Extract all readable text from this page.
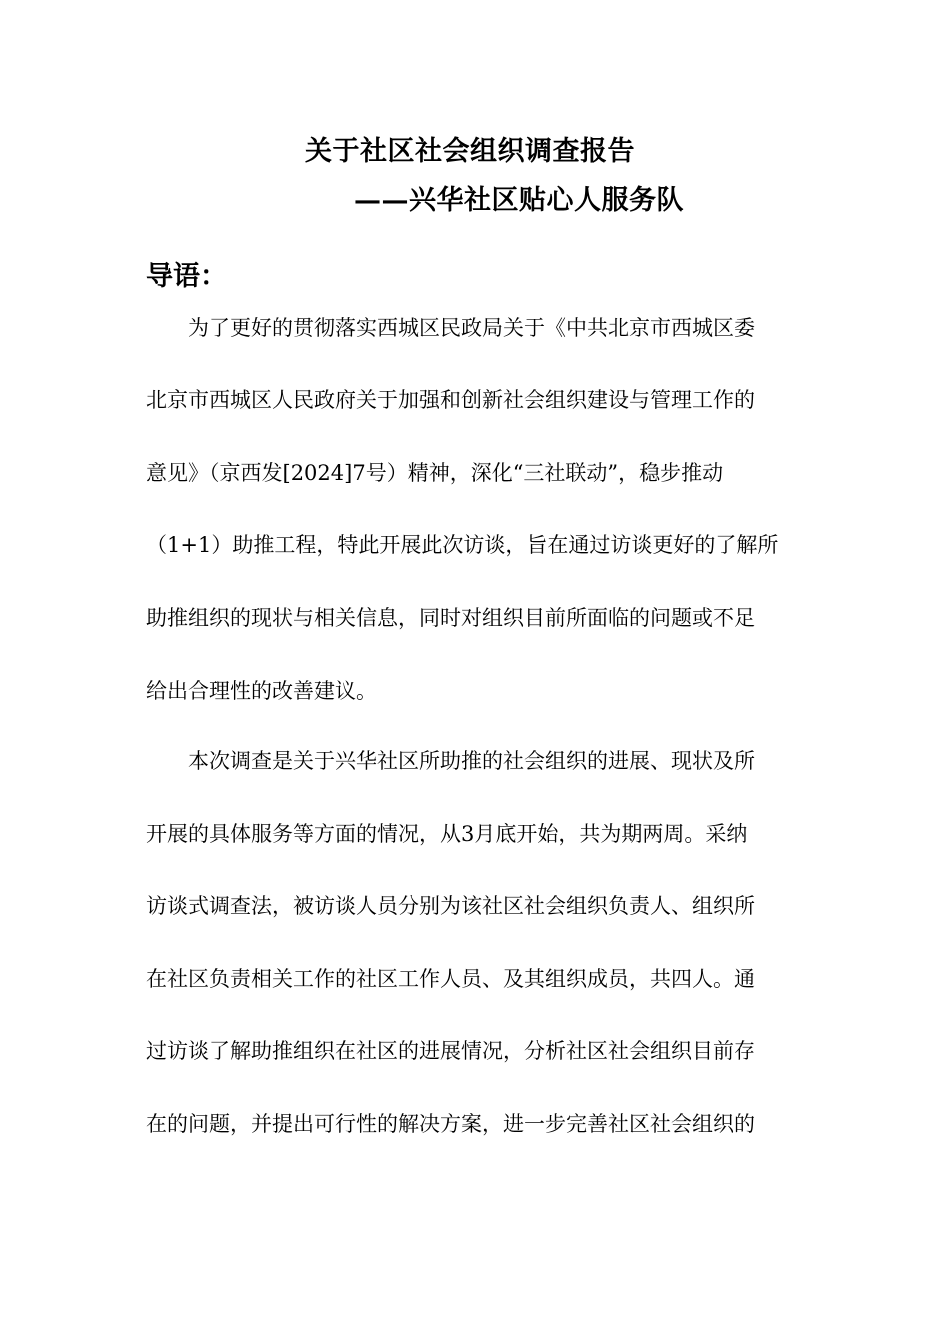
关于社区社会组织调查报告
——兴华社区贴心人服务队
导语：
为了更好的贯彻落实西城区民政局关于《中共北京市西城区委
北京市西城区人民政府关于加强和创新社会组织建设与管理工作的
意见》（京西发[2024]7号）精神，深化“三社联动”，稳步推动
（1+1）助推工程，特此开展此次访谈，旨在通过访谈更好的了解所
助推组织的现状与相关信息，同时对组织目前所面临的问题或不足
给出合理性的改善建议。
本次调查是关于兴华社区所助推的社会组织的进展、现状及所
开展的具体服务等方面的情况，从3月底开始，共为期两周。采纳
访谈式调查法，被访谈人员分别为该社区社会组织负责人、组织所
在社区负责相关工作的社区工作人员、及其组织成员，共四人。通
过访谈了解助推组织在社区的进展情况，分析社区社会组织目前存
在的问题，并提出可行性的解决方案，进一步完善社区社会组织的
